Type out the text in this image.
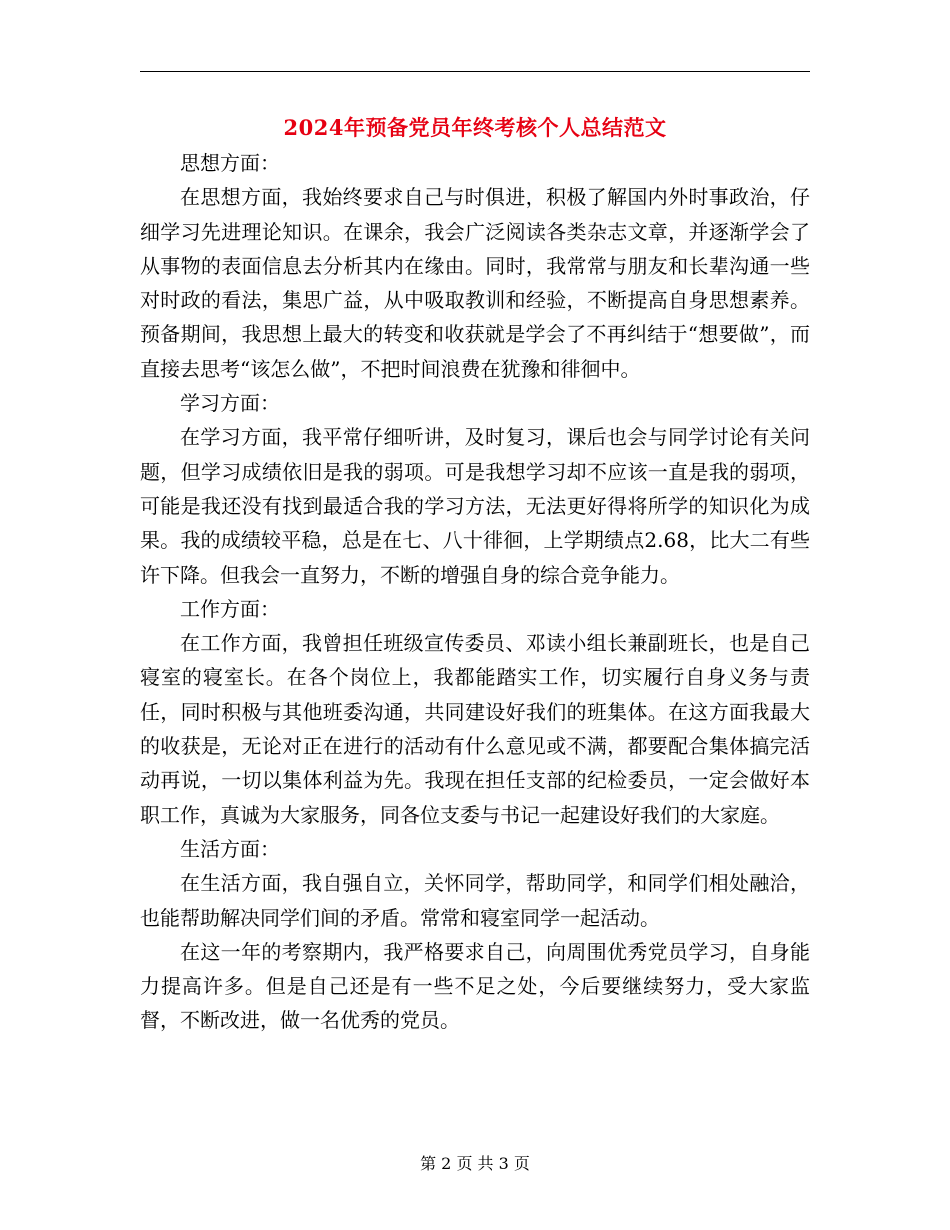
2024年预备党员年终考核个人总结范文

思想方面：

在思想方面，我始终要求自己与时俱进，积极了解国内外时事政治，仔细学习先进理论知识。在课余，我会广泛阅读各类杂志文章，并逐渐学会了从事物的表面信息去分析其内在缘由。同时，我常常与朋友和长辈沟通一些对时政的看法，集思广益，从中吸取教训和经验，不断提高自身思想素养。预备期间，我思想上最大的转变和收获就是学会了不再纠结于“想要做”，而直接去思考“该怎么做”，不把时间浪费在犹豫和徘徊中。

学习方面：

在学习方面，我平常仔细听讲，及时复习，课后也会与同学讨论有关问题，但学习成绩依旧是我的弱项。可是我想学习却不应该一直是我的弱项，可能是我还没有找到最适合我的学习方法，无法更好得将所学的知识化为成果。我的成绩较平稳，总是在七、八十徘徊，上学期绩点2.68，比大二有些许下降。但我会一直努力，不断的增强自身的综合竞争能力。

工作方面：

在工作方面，我曾担任班级宣传委员、邓读小组长兼副班长，也是自己寝室的寝室长。在各个岗位上，我都能踏实工作，切实履行自身义务与责任，同时积极与其他班委沟通，共同建设好我们的班集体。在这方面我最大的收获是，无论对正在进行的活动有什么意见或不满，都要配合集体搞完活动再说，一切以集体利益为先。我现在担任支部的纪检委员，一定会做好本职工作，真诚为大家服务，同各位支委与书记一起建设好我们的大家庭。

生活方面：

在生活方面，我自强自立，关怀同学，帮助同学，和同学们相处融洽，也能帮助解决同学们间的矛盾。常常和寝室同学一起活动。

在这一年的考察期内，我严格要求自己，向周围优秀党员学习，自身能力提高许多。但是自己还是有一些不足之处，今后要继续努力，受大家监督，不断改进，做一名优秀的党员。

第 2 页 共 3 页
